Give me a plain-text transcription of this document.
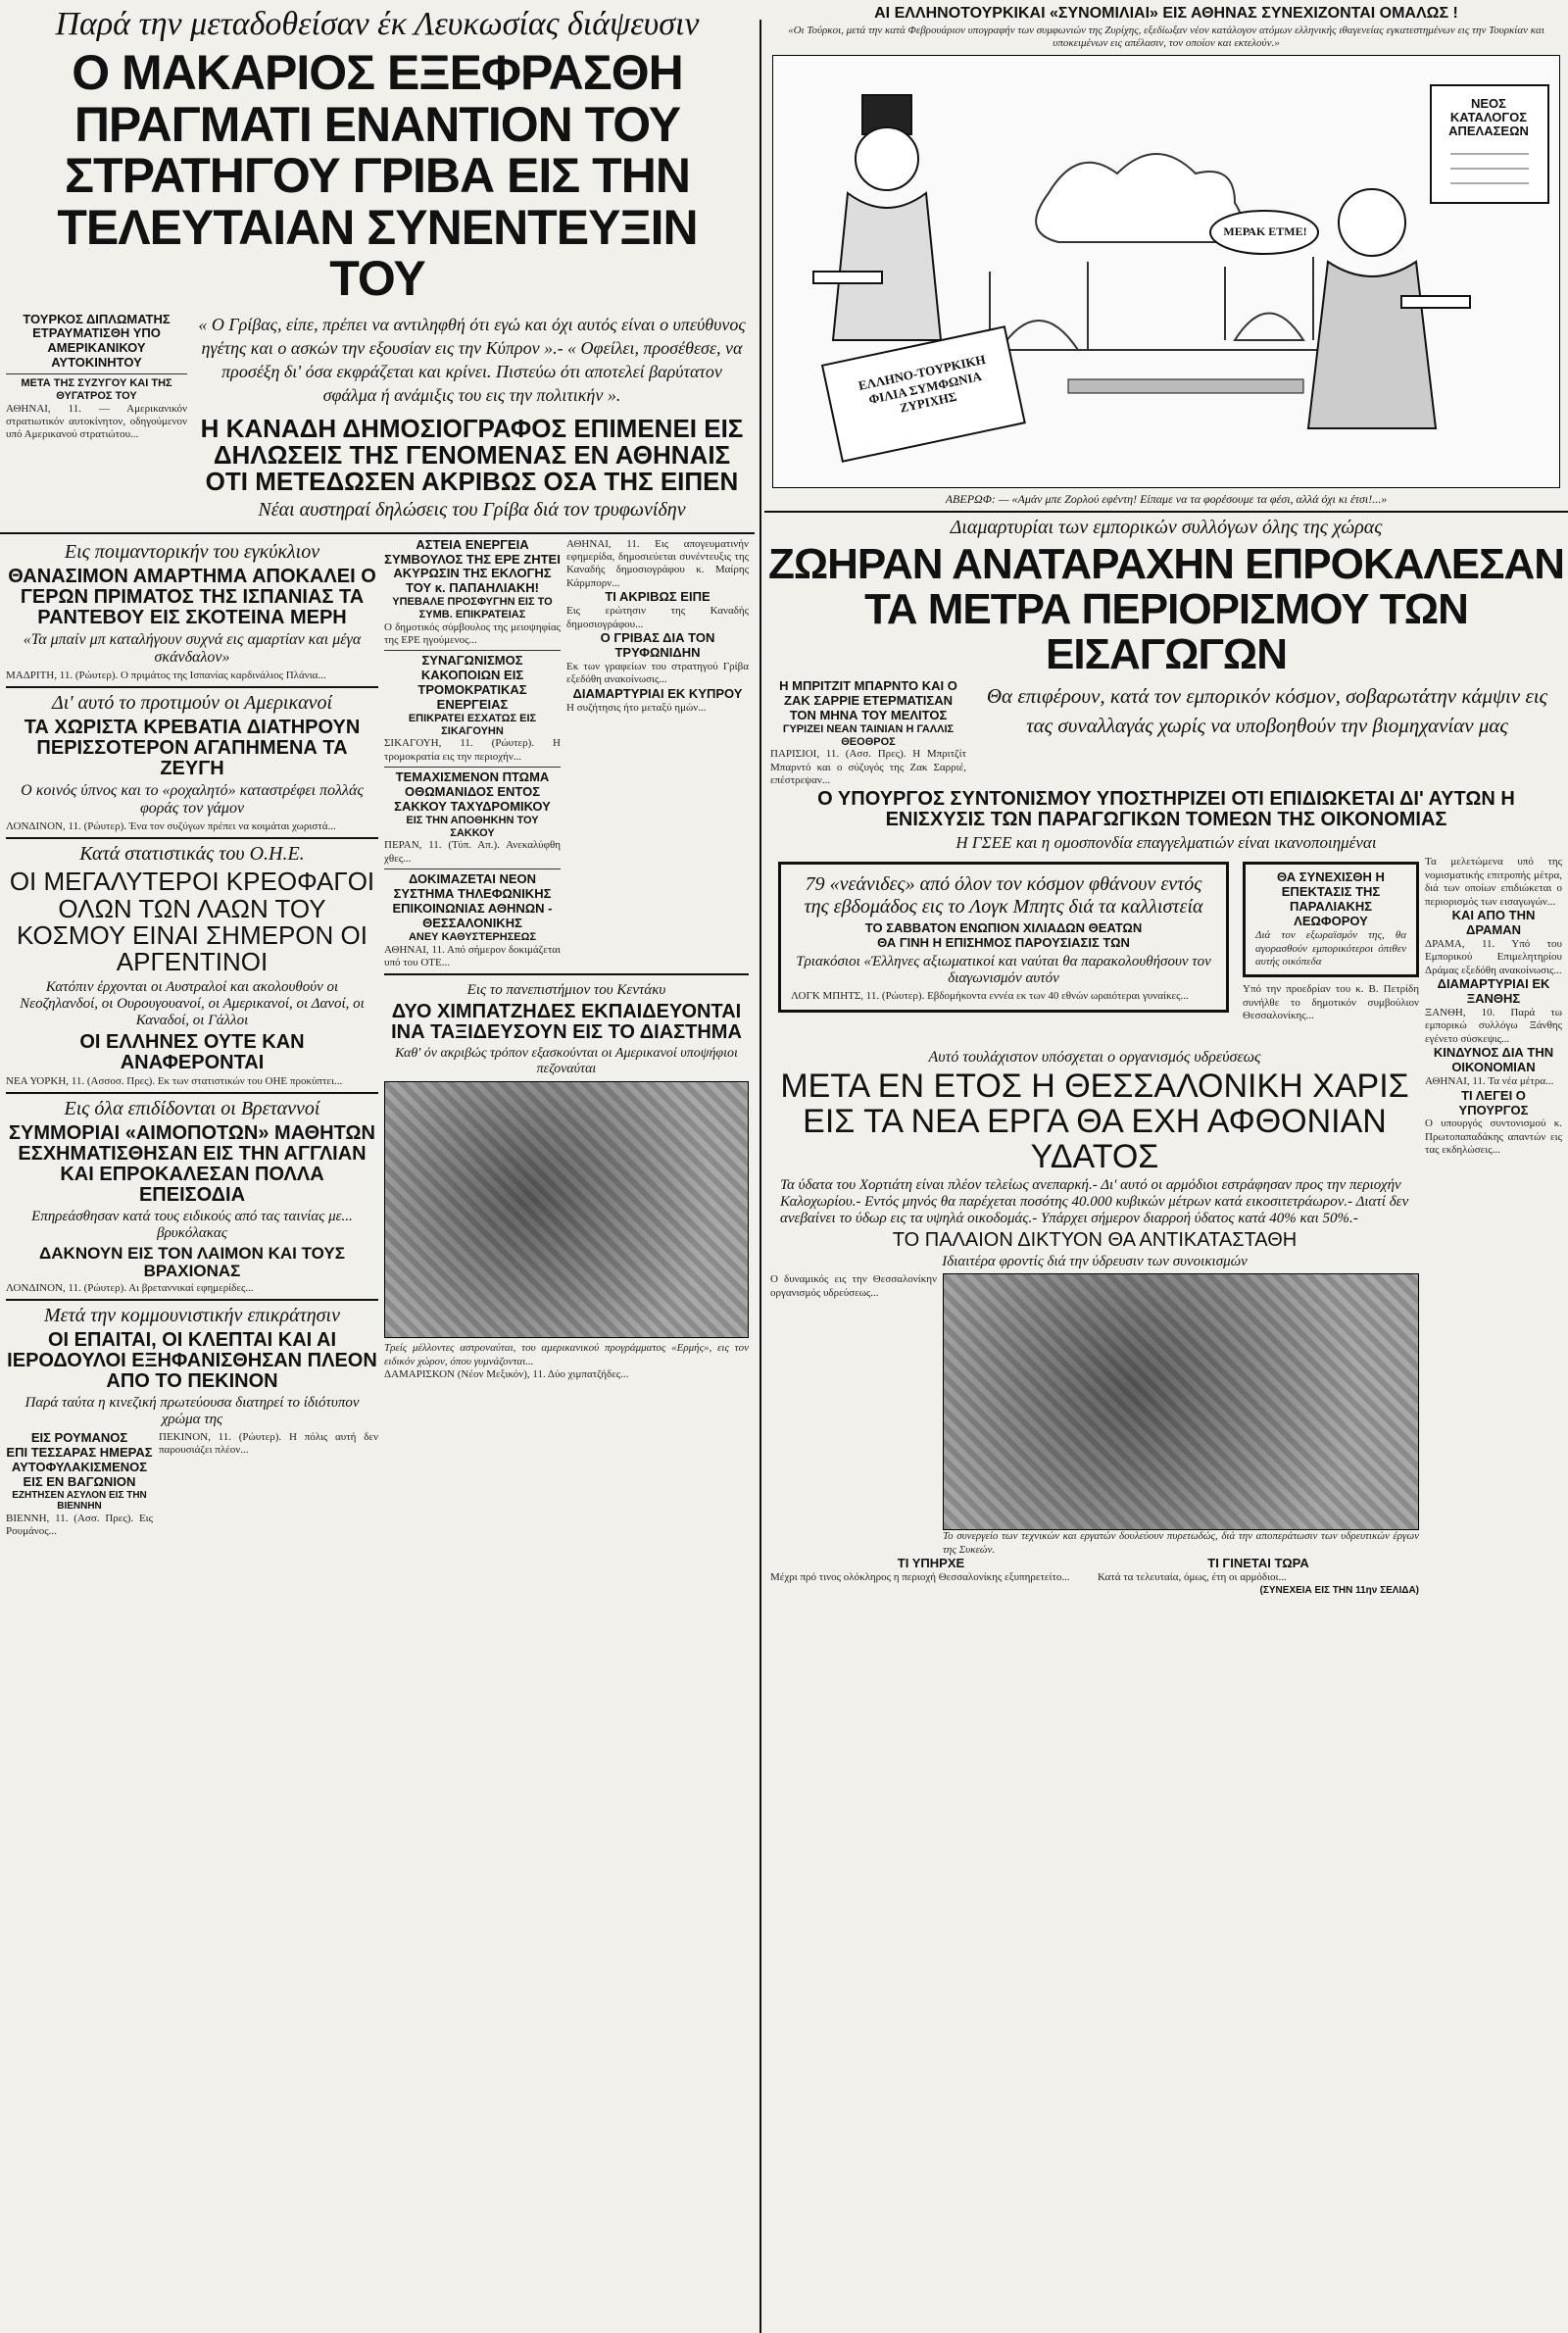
Παρά την μεταδοθείσαν έκ Λευκωσίας διάψευσιν
Ο ΜΑΚΑΡΙΟΣ ΕΞΕΦΡΑΣΘΗ ΠΡΑΓΜΑΤΙ ΕΝΑΝΤΙΟΝ ΤΟΥ ΣΤΡΑΤΗΓΟΥ ΓΡΙΒΑ ΕΙΣ ΤΗΝ ΤΕΛΕΥΤΑΙΑΝ ΣΥΝΕΝΤΕΥΞΙΝ ΤΟΥ
ΤΟΥΡΚΟΣ ΔΙΠΛΩΜΑΤΗΣ ΕΤΡΑΥΜΑΤΙΣΘΗ ΥΠΟ ΑΜΕΡΙΚΑΝΙΚΟΥ ΑΥΤΟΚΙΝΗΤΟΥ
ΜΕΤΑ ΤΗΣ ΣΥΖΥΓΟΥ ΚΑΙ ΤΗΣ ΘΥΓΑΤΡΟΣ ΤΟΥ
ΑΘΗΝΑΙ, 11. — Αμερικανικόν στρατιωτικόν αυτοκίνητον, οδηγούμενον υπό Αμερικανού στρατιώτου...
« Ο Γρίβας, είπε, πρέπει να αντιληφθή ότι εγώ και όχι αυτός είναι ο υπεύθυνος ηγέτης και ο ασκών την εξουσίαν εις την Κύπρον ».- « Οφείλει, προσέθεσε, να προσέξη δι' όσα εκφράζεται και κρίνει. Πιστεύω ότι αποτελεί βαρύτατον σφάλμα ή ανάμιξις του εις την πολιτικήν ».
Η ΚΑΝΑΔΗ ΔΗΜΟΣΙΟΓΡΑΦΟΣ ΕΠΙΜΕΝΕΙ ΕΙΣ ΔΗΛΩΣΕΙΣ ΤΗΣ ΓΕΝΟΜΕΝΑΣ ΕΝ ΑΘΗΝΑΙΣ ΟΤΙ ΜΕΤΕΔΩΣΕΝ ΑΚΡΙΒΩΣ ΟΣΑ ΤΗΣ ΕΙΠΕΝ
Νέαι αυστηραί δηλώσεις του Γρίβα διά τον τρυφωνίδην
Εις ποιμαντορικήν του εγκύκλιον
ΘΑΝΑΣΙΜΟΝ ΑΜΑΡΤΗΜΑ ΑΠΟΚΑΛΕΙ Ο ΓΕΡΩΝ ΠΡΙΜΑΤΟΣ ΤΗΣ ΙΣΠΑΝΙΑΣ ΤΑ ΡΑΝΤΕΒΟΥ ΕΙΣ ΣΚΟΤΕΙΝΑ ΜΕΡΗ
«Τα μπαίν μπ καταλήγουν συχνά εις αμαρτίαν και μέγα σκάνδαλον»
ΜΑΔΡΙΤΗ, 11. (Ρώυτερ). Ο πριμάτος της Ισπανίας καρδινάλιος Πλάνια...
Δι' αυτό το προτιμούν οι Αμερικανοί
ΤΑ ΧΩΡΙΣΤΑ ΚΡΕΒΑΤΙΑ ΔΙΑΤΗΡΟΥΝ ΠΕΡΙΣΣΟΤΕΡΟΝ ΑΓΑΠΗΜΕΝΑ ΤΑ ΖΕΥΓΗ
Ο κοινός ύπνος και το «ροχαλητό» καταστρέφει πολλάς φοράς τον γάμον
ΛΟΝΔΙΝΟΝ, 11. (Ρώυτερ). Ένα τον συζύγων πρέπει να κοιμάται χωριστά...
Κατά στατιστικάς του Ο.Η.Ε.
ΟΙ ΜΕΓΑΛΥΤΕΡΟΙ ΚΡΕΟΦΑΓΟΙ ΟΛΩΝ ΤΩΝ ΛΑΩΝ ΤΟΥ ΚΟΣΜΟΥ ΕΙΝΑΙ ΣΗΜΕΡΟΝ ΟΙ ΑΡΓΕΝΤΙΝΟΙ
Κατόπιν έρχονται οι Αυστραλοί και ακολουθούν οι Νεοζηλανδοί, οι Ουρουγουανοί, οι Αμερικανοί, οι Δανοί, οι Καναδοί, οι Γάλλοι
ΟΙ ΕΛΛΗΝΕΣ ΟΥΤΕ ΚΑΝ ΑΝΑΦΕΡΟΝΤΑΙ
ΝΕΑ ΥΟΡΚΗ, 11. (Ασσοσ. Πρες). Εκ των στατιστικών του ΟΗΕ προκύπτει...
Εις όλα επιδίδονται οι Βρεταννοί
ΣΥΜΜΟΡΙΑΙ «ΑΙΜΟΠΟΤΩΝ» ΜΑΘΗΤΩΝ ΕΣΧΗΜΑΤΙΣΘΗΣΑΝ ΕΙΣ ΤΗΝ ΑΓΓΛΙΑΝ ΚΑΙ ΕΠΡΟΚΑΛΕΣΑΝ ΠΟΛΛΑ ΕΠΕΙΣΟΔΙΑ
Επηρεάσθησαν κατά τους ειδικούς από τας ταινίας με... βρυκόλακας
ΔΑΚΝΟΥΝ ΕΙΣ ΤΟΝ ΛΑΙΜΟΝ ΚΑΙ ΤΟΥΣ ΒΡΑΧΙΟΝΑΣ
ΛΟΝΔΙΝΟΝ, 11. (Ρώυτερ). Αι βρεταννικαί εφημερίδες...
Μετά την κομμουνιστικήν επικράτησιν
ΟΙ ΕΠΑΙΤΑΙ, ΟΙ ΚΛΕΠΤΑΙ ΚΑΙ ΑΙ ΙΕΡΟΔΟΥΛΟΙ ΕΞΗΦΑΝΙΣΘΗΣΑΝ ΠΛΕΟΝ ΑΠΟ ΤΟ ΠΕΚΙΝΟΝ
Παρά ταύτα η κινεζική πρωτεύουσα διατηρεί το ίδιότυπον χρώμα της
ΕΙΣ ΡΟΥΜΑΝΟΣ
ΕΠΙ ΤΕΣΣΑΡΑΣ ΗΜΕΡΑΣ ΑΥΤΟΦΥΛΑΚΙΣΜΕΝΟΣ ΕΙΣ ΕΝ ΒΑΓΩΝΙΟΝ
ΕΖΗΤΗΣΕΝ ΑΣΥΛΟΝ ΕΙΣ ΤΗΝ ΒΙΕΝΝΗΝ
ΒΙΕΝΝΗ, 11. (Ασσ. Πρες). Εις Ρουμάνος...
ΠΕΚΙΝΟΝ, 11. (Ρώυτερ). Η πόλις αυτή δεν παρουσιάζει πλέον...
ΑΣΤΕΙΑ ΕΝΕΡΓΕΙΑ
ΣΥΜΒΟΥΛΟΣ ΤΗΣ ΕΡΕ ΖΗΤΕΙ ΑΚΥΡΩΣΙΝ ΤΗΣ ΕΚΛΟΓΗΣ ΤΟΥ κ. ΠΑΠΑΗΛΙΑΚΗ!
ΥΠΕΒΑΛΕ ΠΡΟΣΦΥΓΗΝ ΕΙΣ ΤΟ ΣΥΜΒ. ΕΠΙΚΡΑΤΕΙΑΣ
Ο δημοτικός σύμβουλος της μειοψηφίας της ΕΡΕ ηγούμενος...
ΣΥΝΑΓΩΝΙΣΜΟΣ ΚΑΚΟΠΟΙΩΝ ΕΙΣ ΤΡΟΜΟΚΡΑΤΙΚΑΣ ΕΝΕΡΓΕΙΑΣ
ΕΠΙΚΡΑΤΕΙ ΕΣΧΑΤΩΣ ΕΙΣ ΣΙΚΑΓΟΥΗΝ
ΣΙΚΑΓΟΥΗ, 11. (Ρώυτερ). Η τρομοκρατία εις την περιοχήν...
ΤΕΜΑΧΙΣΜΕΝΟΝ ΠΤΩΜΑ ΟΘΩΜΑΝΙΔΟΣ ΕΝΤΟΣ ΣΑΚΚΟΥ ΤΑΧΥΔΡΟΜΙΚΟΥ
ΕΙΣ ΤΗΝ ΑΠΟΘΗΚΗΝ ΤΟΥ ΣΑΚΚΟΥ
ΠΕΡΑΝ, 11. (Τύπ. Απ.). Ανεκαλύφθη χθες...
ΔΟΚΙΜΑΖΕΤΑΙ ΝΕΟΝ ΣΥΣΤΗΜΑ ΤΗΛΕΦΩΝΙΚΗΣ ΕΠΙΚΟΙΝΩΝΙΑΣ ΑΘΗΝΩΝ - ΘΕΣΣΑΛΟΝΙΚΗΣ
ΑΝΕΥ ΚΑΘΥΣΤΕΡΗΣΕΩΣ
ΑΘΗΝΑΙ, 11. Από σήμερον δοκιμάζεται υπό του ΟΤΕ...
ΑΘΗΝΑΙ, 11. Εις απογευματινήν εφημερίδα, δημοσιεύεται συνέντευξις της Καναδής δημοσιογράφου κ. Μαίρης Κάρμπορν...
ΤΙ ΑΚΡΙΒΩΣ ΕΙΠΕ
Εις ερώτησιν της Καναδής δημοσιογράφου...
Ο ΓΡΙΒΑΣ ΔΙΑ ΤΟΝ ΤΡΥΦΩΝΙΔΗΝ
Εκ των γραφείων του στρατηγού Γρίβα εξεδόθη ανακοίνωσις...
ΔΙΑΜΑΡΤΥΡΙΑΙ ΕΚ ΚΥΠΡΟΥ
Η συζήτησις ήτο μεταξύ ημών...
Εις το πανεπιστήμιον του Κεντάκυ
ΔΥΟ ΧΙΜΠΑΤΖΗΔΕΣ ΕΚΠΑΙΔΕΥΟΝΤΑΙ ΙΝΑ ΤΑΞΙΔΕΥΣΟΥΝ ΕΙΣ ΤΟ ΔΙΑΣΤΗΜΑ
Καθ' όν ακριβώς τρόπον εξασκούνται οι Αμερικανοί υποψήφιοι πεζοναύται
Τρείς μέλλοντες αστροναύται, του αμερικανικού προγράμματος «Ερμής», εις τον ειδικόν χώρον, όπου γυμνάζονται...
ΔΑΜΑΡΙΣΚΟΝ (Νέον Μεξικόν), 11. Δύο χιμπατζήδες...
ΑΙ ΕΛΛΗΝΟΤΟΥΡΚΙΚΑΙ «ΣΥΝΟΜΙΛΙΑΙ» ΕΙΣ ΑΘΗΝΑΣ ΣΥΝΕΧΙΖΟΝΤΑΙ ΟΜΑΛΩΣ !
«Οι Τούρκοι, μετά την κατά Φεβρουάριον υπογραφήν των συμφωνιών της Ζυρίχης, εξεδίωξαν νέον κατάλογον ατόμων ελληνικής ιθαγενείας εγκατεστημένων εις την Τουρκίαν και υποκειμένων εις απέλασιν, τον οποίον και εκτελούν.»
ΝΕΟΣ ΚΑΤΑΛΟΓΟΣ ΑΠΕΛΑΣΕΩΝ
ΜΕΡΑΚ ΕΤΜΕ!
ΕΛΛΗΝΟ-ΤΟΥΡΚΙΚΗ ΦΙΛΙΑ ΣΥΜΦΩΝΙΑ ΖΥΡΙΧΗΣ
ΑΒΕΡΩΦ: — «Αμάν μπε Ζορλού εφέντη! Είπαμε να τα φορέσουμε τα φέσι, αλλά όχι κι έτσι!...»
Διαμαρτυρίαι των εμπορικών συλλόγων όλης της χώρας
ΖΩΗΡΑΝ ΑΝΑΤΑΡΑΧΗΝ ΕΠΡΟΚΑΛΕΣΑΝ ΤΑ ΜΕΤΡΑ ΠΕΡΙΟΡΙΣΜΟΥ ΤΩΝ ΕΙΣΑΓΩΓΩΝ
Η ΜΠΡΙΤΖΙΤ ΜΠΑΡΝΤΟ ΚΑΙ Ο ΖΑΚ ΣΑΡΡΙΕ ΕΤΕΡΜΑΤΙΣΑΝ ΤΟΝ ΜΗΝΑ ΤΟΥ ΜΕΛΙΤΟΣ
ΓΥΡΙΖΕΙ ΝΕΑΝ ΤΑΙΝΙΑΝ Η ΓΑΛΛΙΣ ΘΕΟΘΡΟΣ
ΠΑΡΙΣΙΟΙ, 11. (Ασσ. Πρες). Η Μπριτζίτ Μπαρντό και ο σύζυγός της Ζακ Σαρριέ, επέστρεψαν...
Θα επιφέρουν, κατά τον εμπορικόν κόσμον, σοβαρωτάτην κάμψιν εις τας συναλλαγάς χωρίς να υποβοηθούν την βιομηχανίαν μας
Ο ΥΠΟΥΡΓΟΣ ΣΥΝΤΟΝΙΣΜΟΥ ΥΠΟΣΤΗΡΙΖΕΙ ΟΤΙ ΕΠΙΔΙΩΚΕΤΑΙ ΔΙ' ΑΥΤΩΝ Η ΕΝΙΣΧΥΣΙΣ ΤΩΝ ΠΑΡΑΓΩΓΙΚΩΝ ΤΟΜΕΩΝ ΤΗΣ ΟΙΚΟΝΟΜΙΑΣ
Η ΓΣΕΕ και η ομοσπονδία επαγγελματιών είναι ικανοποιημέναι
79 «νεάνιδες» από όλον τον κόσμον φθάνουν εντός της εβδομάδος εις το Λογκ Μπητς διά τα καλλιστεία
ΤΟ ΣΑΒΒΑΤΟΝ ΕΝΩΠΙΟΝ ΧΙΛΙΑΔΩΝ ΘΕΑΤΩΝ
ΘΑ ΓΙΝΗ Η ΕΠΙΣΗΜΟΣ ΠΑΡΟΥΣΙΑΣΙΣ ΤΩΝ
Τριακόσιοι «Έλληνες αξιωματικοί και ναύται θα παρακολουθήσουν τον διαγωνισμόν αυτόν
ΛΟΓΚ ΜΠΗΤΣ, 11. (Ρώυτερ). Εβδομήκοντα εννέα εκ των 40 εθνών ωραιότεραι γυναίκες...
ΘΑ ΣΥΝΕΧΙΣΘΗ Η ΕΠΕΚΤΑΣΙΣ ΤΗΣ ΠΑΡΑΛΙΑΚΗΣ ΛΕΩΦΟΡΟΥ
Διά τον εξωραϊσμόν της, θα αγορασθούν εμπορικότεροι όπιθεν αυτής οικόπεδα
Υπό την προεδρίαν του κ. Β. Πετρίδη συνήλθε το δημοτικόν συμβούλιον Θεσσαλονίκης...
Τα μελετώμενα υπό της νομισματικής επιτροπής μέτρα, διά των οποίων επιδιώκεται ο περιορισμός των εισαγωγών...
ΚΑΙ ΑΠΟ ΤΗΝ ΔΡΑΜΑΝ
ΔΡΑΜΑ, 11. Υπό του Εμπορικού Επιμελητηρίου Δράμας εξεδόθη ανακοίνωσις...
ΔΙΑΜΑΡΤΥΡΙΑΙ ΕΚ ΞΑΝΘΗΣ
ΞΑΝΘΗ, 10. Παρά τω εμπορικώ συλλόγω Ξάνθης εγένετο σύσκεψις...
Αυτό τουλάχιστον υπόσχεται ο οργανισμός υδρεύσεως
ΜΕΤΑ ΕΝ ΕΤΟΣ Η ΘΕΣΣΑΛΟΝΙΚΗ ΧΑΡΙΣ ΕΙΣ ΤΑ ΝΕΑ ΕΡΓΑ ΘΑ ΕΧΗ ΑΦΘΟΝΙΑΝ ΥΔΑΤΟΣ
Τα ύδατα του Χορτιάτη είναι πλέον τελείως ανεπαρκή.- Δι' αυτό οι αρμόδιοι εστράφησαν προς την περιοχήν Καλοχωρίου.- Εντός μηνός θα παρέχεται ποσότης 40.000 κυβικών μέτρων κατά εικοσιτετράωρον.- Διατί δεν ανεβαίνει το ύδωρ εις τα υψηλά οικοδομάς.- Υπάρχει σήμερον διαρροή ύδατος κατά 40% και 50%.-
ΤΟ ΠΑΛΑΙΟΝ ΔΙΚΤΥΟΝ ΘΑ ΑΝΤΙΚΑΤΑΣΤΑΘΗ
Ιδιαιτέρα φροντίς διά την ύδρευσιν των συνοικισμών
Ο δυναμικός εις την Θεσσαλονίκην οργανισμός υδρεύσεως...
Το συνεργείο των τεχνικών και εργατών δουλεύουν πυρετωδώς, διά την αποπεράτωσιν των υδρευτικών έργων της Συκεών.
ΤΙ ΥΠΗΡΧΕ
Μέχρι πρό τινος ολόκληρος η περιοχή Θεσσαλονίκης εξυπηρετείτο...
ΤΙ ΓΙΝΕΤΑΙ ΤΩΡΑ
Κατά τα τελευταία, όμως, έτη οι αρμόδιοι...
(ΣΥΝΕΧΕΙΑ ΕΙΣ ΤΗΝ 11ην ΣΕΛΙΔΑ)
ΚΙΝΔΥΝΟΣ ΔΙΑ ΤΗΝ ΟΙΚΟΝΟΜΙΑΝ
ΑΘΗΝΑΙ, 11. Τα νέα μέτρα...
ΤΙ ΛΕΓΕΙ Ο ΥΠΟΥΡΓΟΣ
Ο υπουργός συντονισμού κ. Πρωτοπαπαδάκης απαντών εις τας εκδηλώσεις...
